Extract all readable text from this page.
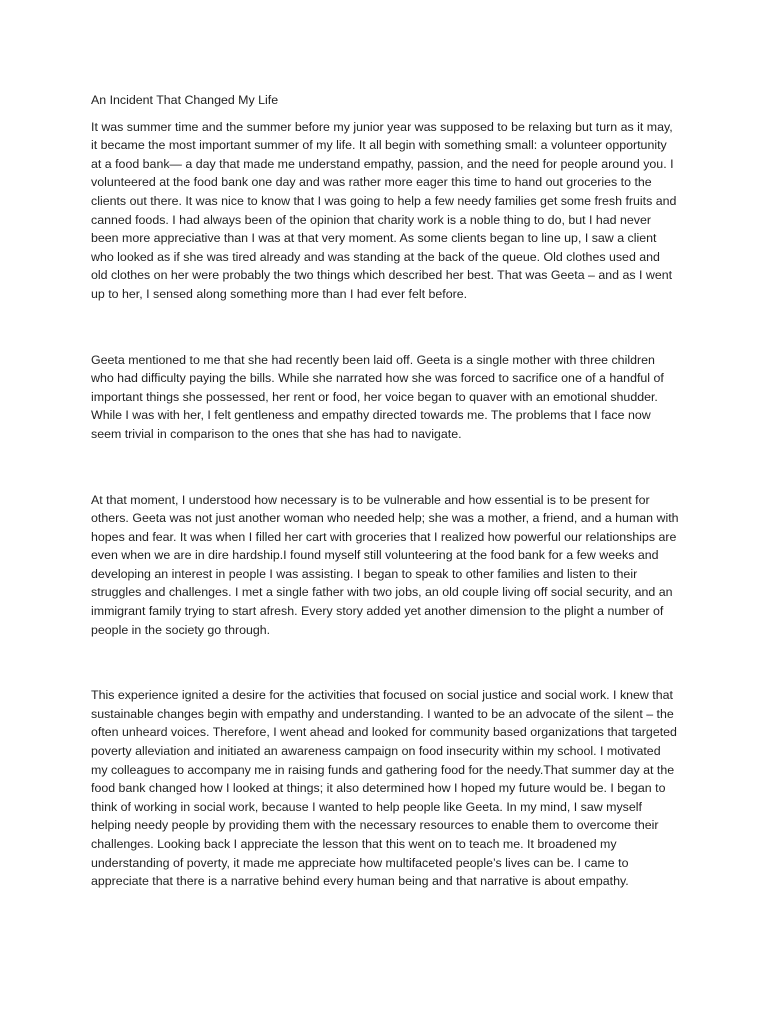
An Incident That Changed My Life

It was summer time and the summer before my junior year was supposed to be relaxing but turn as it may, it became the most important summer of my life. It all begin with something small: a volunteer opportunity at a food bank— a day that made me understand empathy, passion, and the need for people around you. I volunteered at the food bank one day and was rather more eager this time to hand out groceries to the clients out there. It was nice to know that I was going to help a few needy families get some fresh fruits and canned foods. I had always been of the opinion that charity work is a noble thing to do, but I had never been more appreciative than I was at that very moment. As some clients began to line up, I saw a client who looked as if she was tired already and was standing at the back of the queue. Old clothes used and old clothes on her were probably the two things which described her best. That was Geeta – and as I went up to her, I sensed along something more than I had ever felt before.

Geeta mentioned to me that she had recently been laid off. Geeta is a single mother with three children who had difficulty paying the bills. While she narrated how she was forced to sacrifice one of a handful of important things she possessed, her rent or food, her voice began to quaver with an emotional shudder. While I was with her, I felt gentleness and empathy directed towards me. The problems that I face now seem trivial in comparison to the ones that she has had to navigate.

At that moment, I understood how necessary is to be vulnerable and how essential is to be present for others. Geeta was not just another woman who needed help; she was a mother, a friend, and a human with hopes and fear. It was when I filled her cart with groceries that I realized how powerful our relationships are even when we are in dire hardship.I found myself still volunteering at the food bank for a few weeks and developing an interest in people I was assisting. I began to speak to other families and listen to their struggles and challenges. I met a single father with two jobs, an old couple living off social security, and an immigrant family trying to start afresh. Every story added yet another dimension to the plight a number of people in the society go through.

This experience ignited a desire for the activities that focused on social justice and social work. I knew that sustainable changes begin with empathy and understanding. I wanted to be an advocate of the silent – the often unheard voices. Therefore, I went ahead and looked for community based organizations that targeted poverty alleviation and initiated an awareness campaign on food insecurity within my school. I motivated my colleagues to accompany me in raising funds and gathering food for the needy.That summer day at the food bank changed how I looked at things; it also determined how I hoped my future would be. I began to think of working in social work, because I wanted to help people like Geeta. In my mind, I saw myself helping needy people by providing them with the necessary resources to enable them to overcome their challenges. Looking back I appreciate the lesson that this went on to teach me. It broadened my understanding of poverty, it made me appreciate how multifaceted people’s lives can be. I came to appreciate that there is a narrative behind every human being and that narrative is about empathy.
